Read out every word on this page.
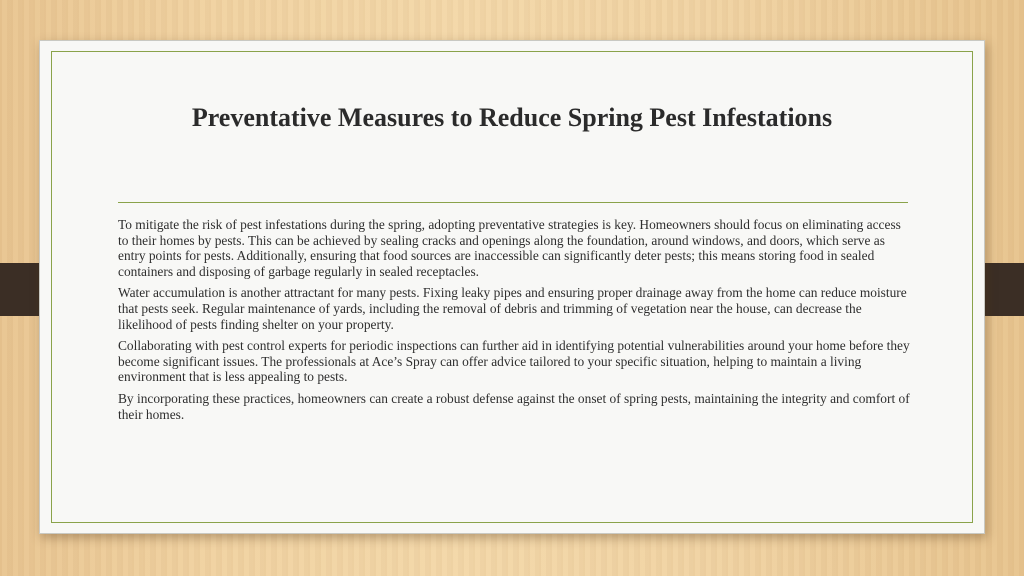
Preventative Measures to Reduce Spring Pest Infestations

To mitigate the risk of pest infestations during the spring, adopting preventative strategies is key. Homeowners should focus on eliminating access to their homes by pests. This can be achieved by sealing cracks and openings along the foundation, around windows, and doors, which serve as entry points for pests. Additionally, ensuring that food sources are inaccessible can significantly deter pests; this means storing food in sealed containers and disposing of garbage regularly in sealed receptacles.

Water accumulation is another attractant for many pests. Fixing leaky pipes and ensuring proper drainage away from the home can reduce moisture that pests seek. Regular maintenance of yards, including the removal of debris and trimming of vegetation near the house, can decrease the likelihood of pests finding shelter on your property.

Collaborating with pest control experts for periodic inspections can further aid in identifying potential vulnerabilities around your home before they become significant issues. The professionals at Ace’s Spray can offer advice tailored to your specific situation, helping to maintain a living environment that is less appealing to pests.

By incorporating these practices, homeowners can create a robust defense against the onset of spring pests, maintaining the integrity and comfort of their homes.
